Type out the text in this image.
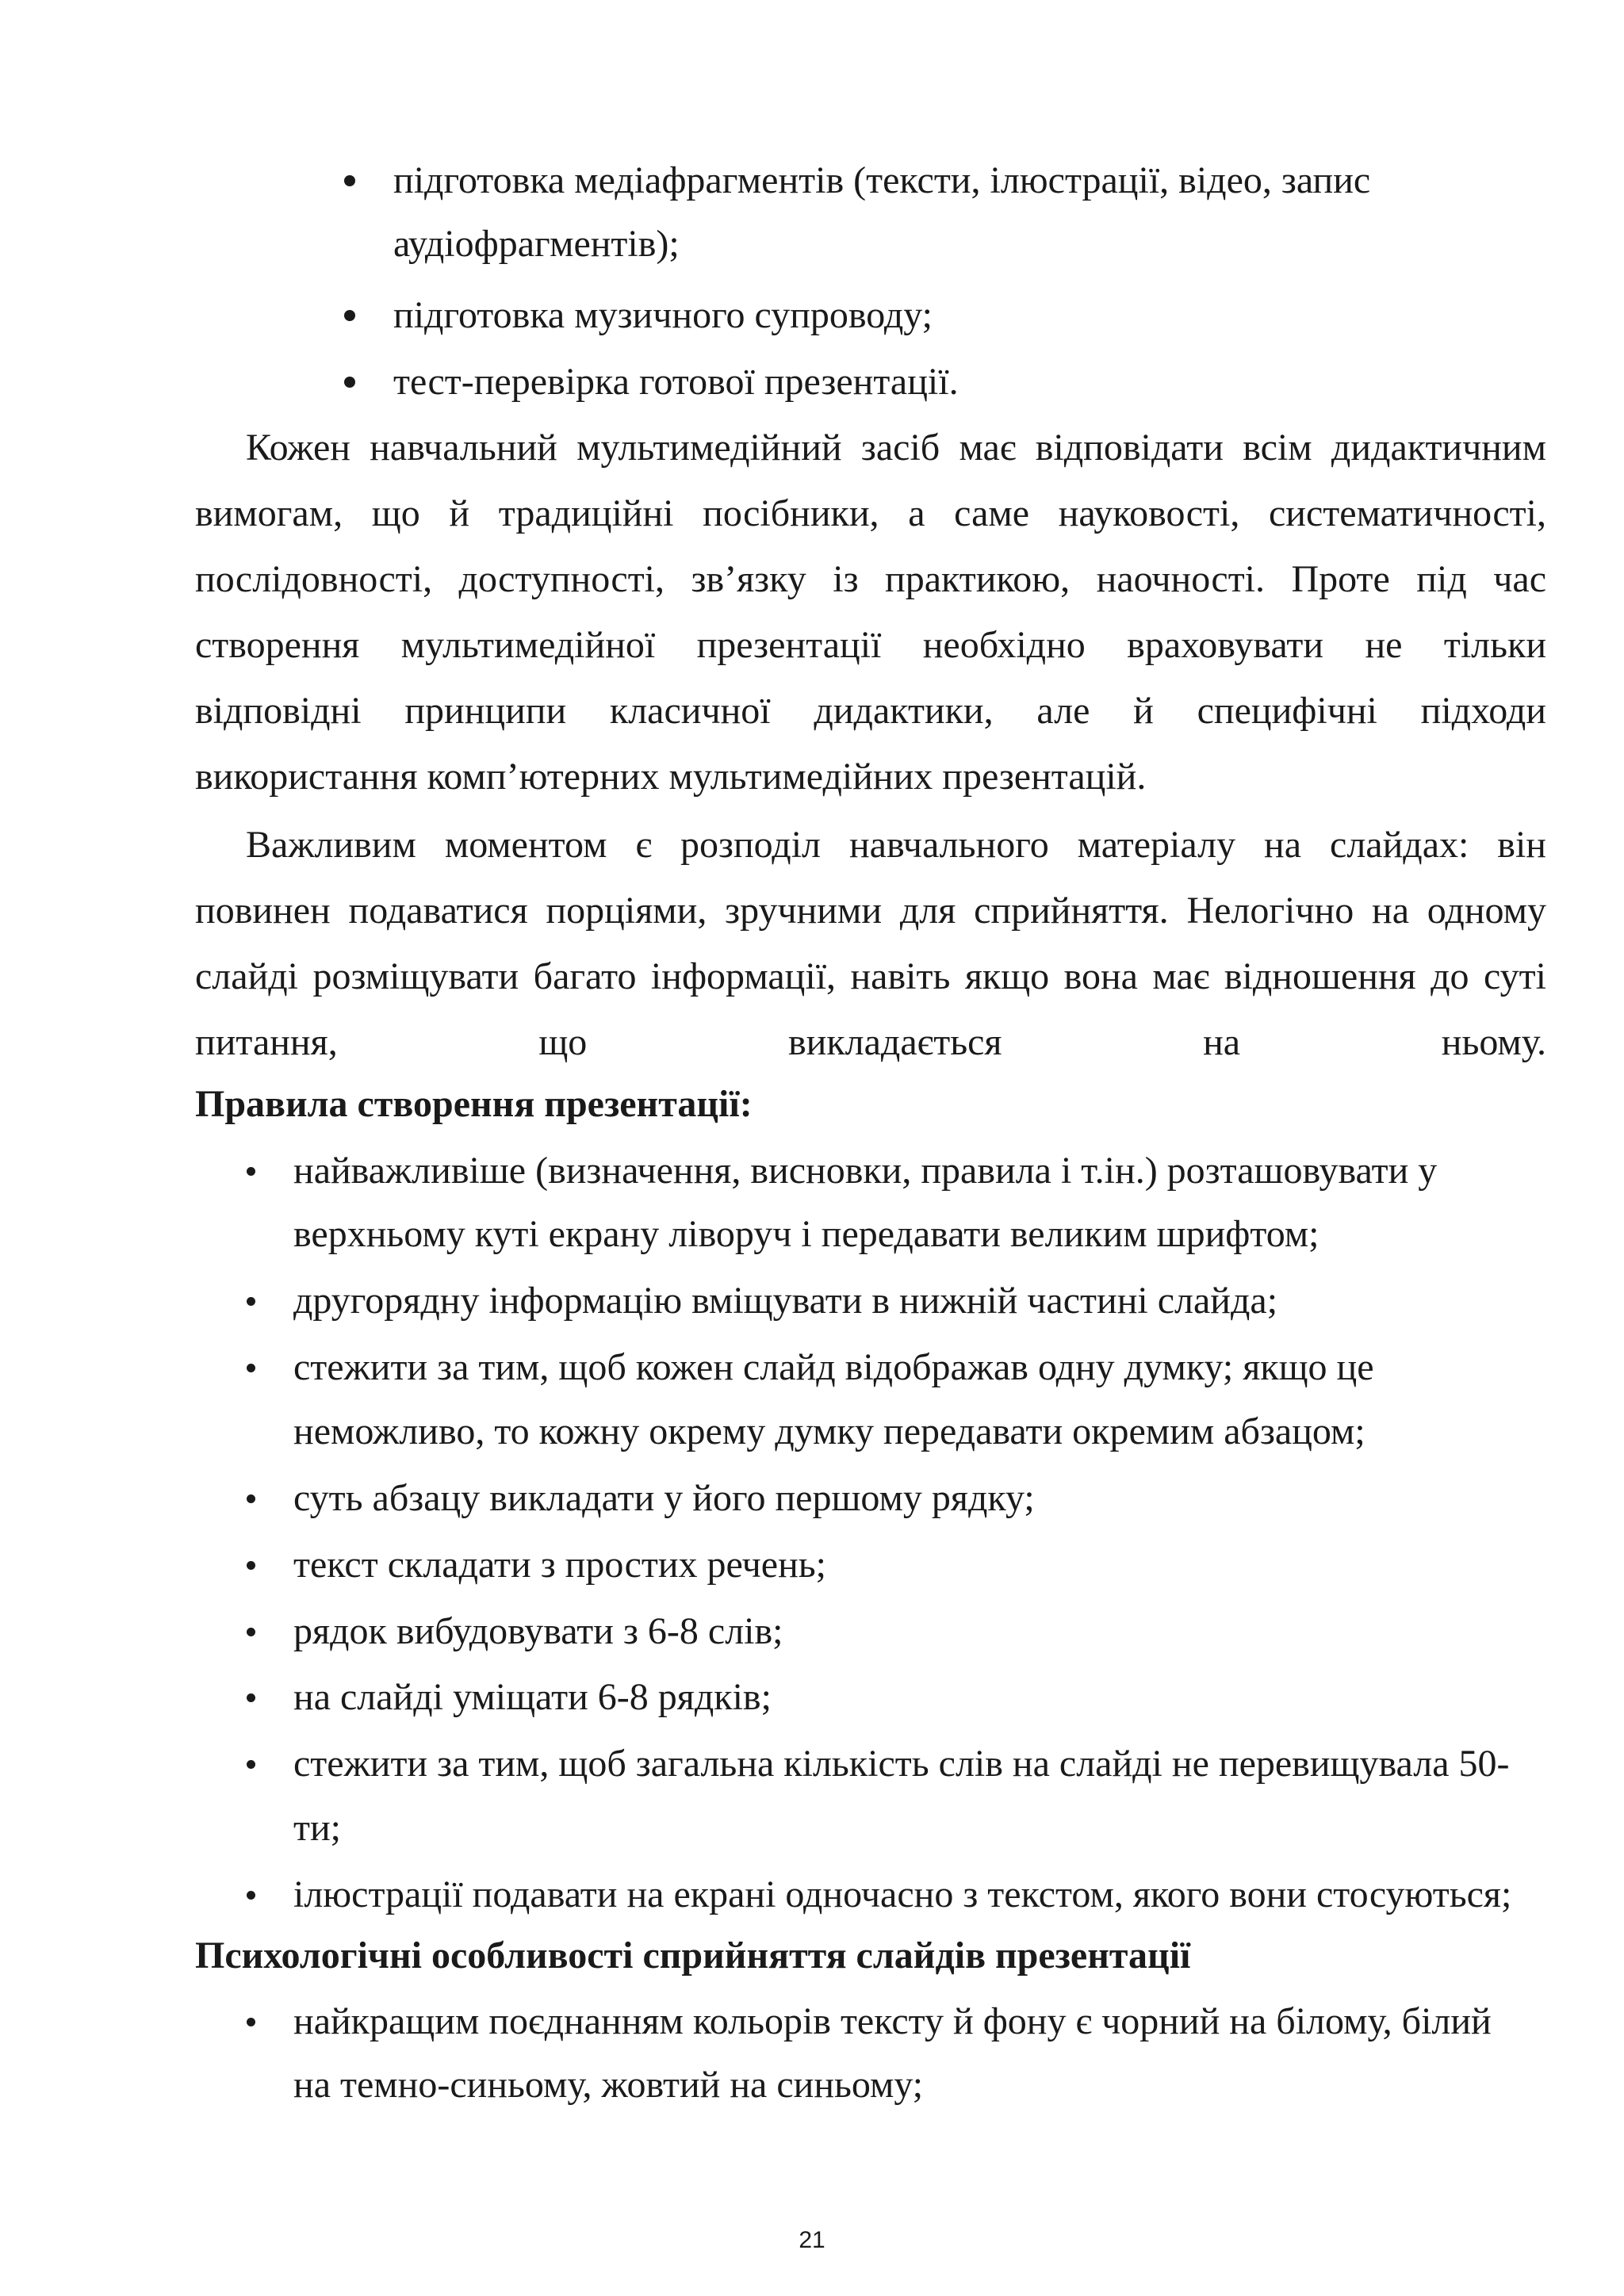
підготовка медіафрагментів (тексти, ілюстрації, відео, запис
аудіофрагментів);
підготовка музичного супроводу;
тест-перевірка готової презентації.
Кожен навчальний мультимедійний засіб має відповідати всім дидактичним
вимогам, що й традиційні посібники, а саме науковості, систематичності,
послідовності, доступності, зв’язку із практикою, наочності. Проте під час
створення мультимедійної презентації необхідно враховувати не тільки
відповідні принципи класичної дидактики, але й специфічні підходи
використання комп’ютерних мультимедійних презентацій.
Важливим моментом є розподіл навчального матеріалу на слайдах: він
повинен подаватися порціями, зручними для сприйняття. Нелогічно на одному
слайді розміщувати багато інформації, навіть якщо вона має відношення до суті
питання, що викладається на ньому.
Правила створення презентації:
найважливіше (визначення, висновки, правила і т.ін.) розташовувати у
верхньому куті екрану ліворуч і передавати великим шрифтом;
другорядну інформацію вміщувати в нижній частині слайда;
стежити за тим, щоб кожен слайд відображав одну думку; якщо це
неможливо, то кожну окрему думку передавати окремим абзацом;
суть абзацу викладати у його першому рядку;
текст складати з простих речень;
рядок вибудовувати з 6-8 слів;
на слайді уміщати 6-8 рядків;
стежити за тим, щоб загальна кількість слів на слайді не перевищувала 50-
ти;
ілюстрації подавати на екрані одночасно з текстом, якого вони стосуються;
Психологічні особливості сприйняття слайдів презентації
найкращим поєднанням кольорів тексту й фону є чорний на білому, білий
на темно-синьому, жовтий на синьому;
21
